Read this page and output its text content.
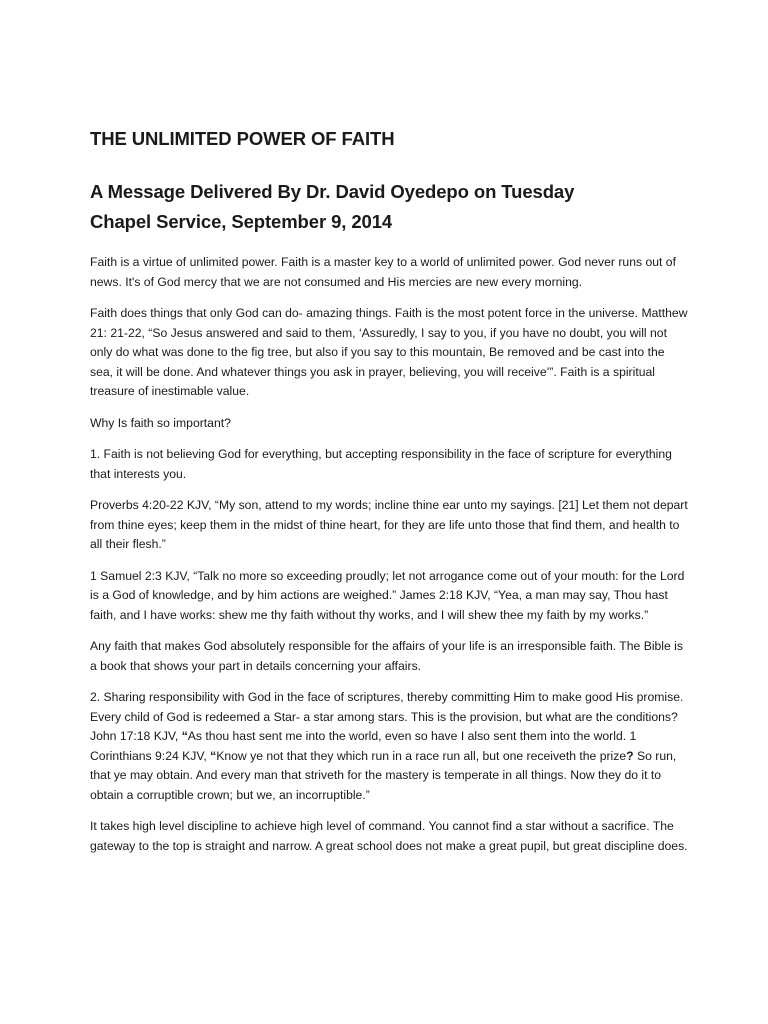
THE UNLIMITED POWER OF FAITH
A Message Delivered By Dr. David Oyedepo on Tuesday
Chapel Service, September 9, 2014

Faith is a virtue of unlimited power. Faith is a master key to a world of unlimited power. God never runs out of news. It's of God mercy that we are not consumed and His mercies are new every morning.

Faith does things that only God can do- amazing things. Faith is the most potent force in the universe. Matthew 21: 21-22, “So Jesus answered and said to them, ‘Assuredly, I say to you, if you have no doubt, you will not only do what was done to the fig tree, but also if you say to this mountain, Be removed and be cast into the sea, it will be done. And whatever things you ask in prayer, believing, you will receive’”. Faith is a spiritual treasure of inestimable value.

Why Is faith so important?

1. Faith is not believing God for everything, but accepting responsibility in the face of scripture for everything that interests you.

Proverbs 4:20-22 KJV, “My son, attend to my words; incline thine ear unto my sayings. [21] Let them not depart from thine eyes; keep them in the midst of thine heart, for they are life unto those that find them, and health to all their flesh.”

1 Samuel 2:3 KJV, “Talk no more so exceeding proudly; let not arrogance come out of your mouth: for the Lord is a God of knowledge, and by him actions are weighed.” James 2:18 KJV, “Yea, a man may say, Thou hast faith, and I have works: shew me thy faith without thy works, and I will shew thee my faith by my works.”

Any faith that makes God absolutely responsible for the affairs of your life is an irresponsible faith. The Bible is a book that shows your part in details concerning your affairs.

2. Sharing responsibility with God in the face of scriptures, thereby committing Him to make good His promise. Every child of God is redeemed a Star- a star among stars. This is the provision, but what are the conditions? John 17:18 KJV, “As thou hast sent me into the world, even so have I also sent them into the world. 1 Corinthians 9:24 KJV, “Know ye not that they which run in a race run all, but one receiveth the prize? So run, that ye may obtain. And every man that striveth for the mastery is temperate in all things. Now they do it to obtain a corruptible crown; but we, an incorruptible.”

It takes high level discipline to achieve high level of command. You cannot find a star without a sacrifice. The gateway to the top is straight and narrow. A great school does not make a great pupil, but great discipline does.
